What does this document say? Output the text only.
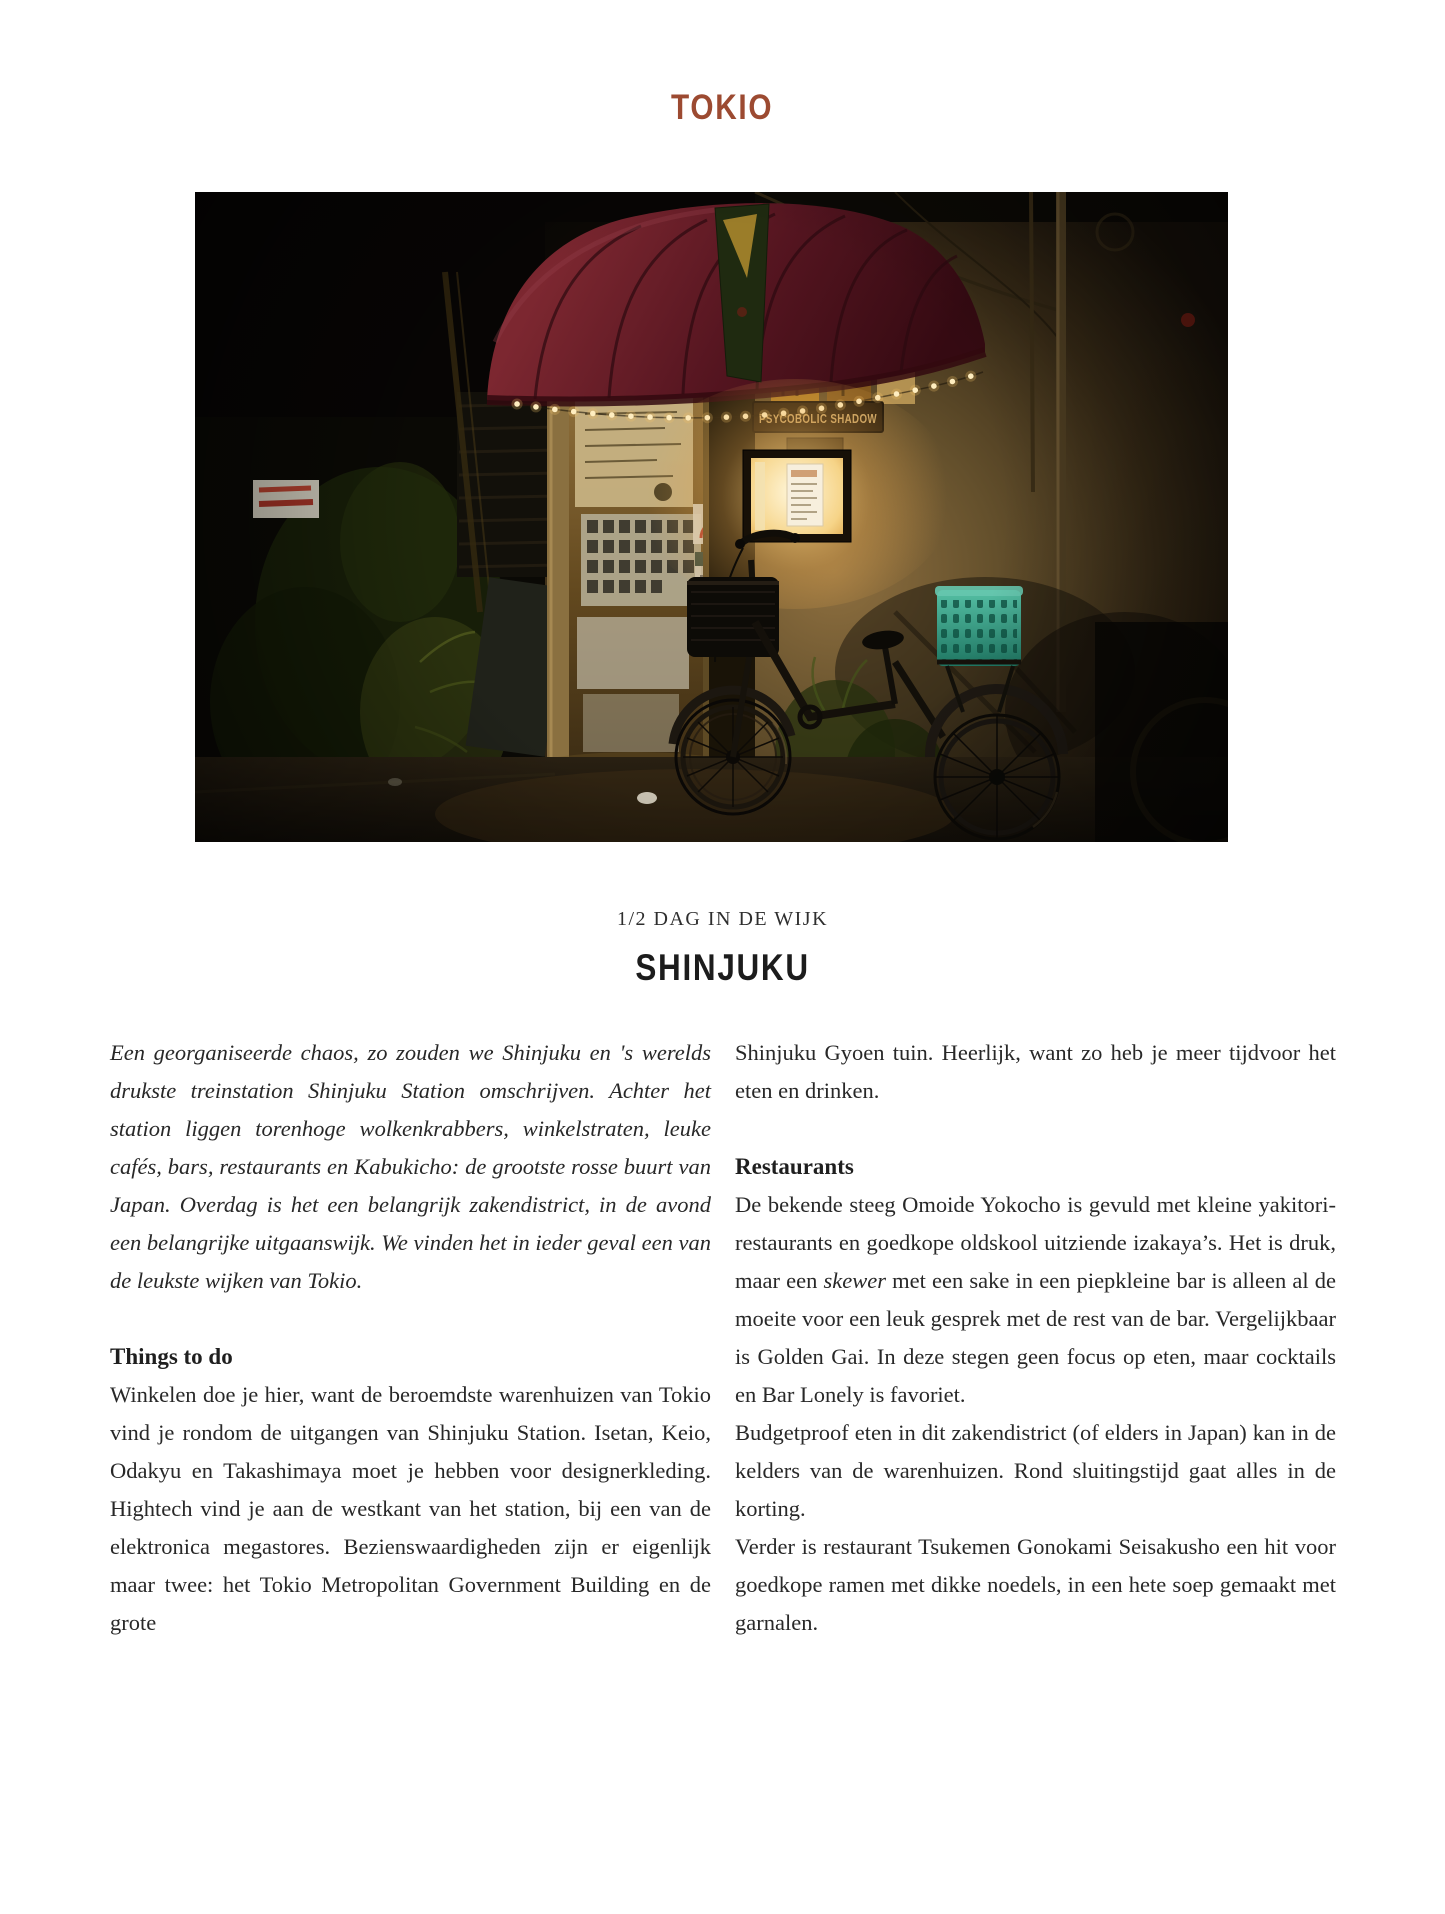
TOKIO
1/2 DAG IN DE WIJK
SHINJUKU

Een georganiseerde chaos, zo zouden we Shinjuku en 's werelds drukste treinstation Shinjuku Station omschrijven. Achter het station liggen torenhoge wolkenkrabbers, winkelstraten, leuke cafés, bars, restaurants en Kabukicho: de grootste rosse buurt van Japan. Overdag is het een belangrijk zakendistrict, in de avond een belangrijke uitgaanswijk. We vinden het in ieder geval een van de leukste wijken van Tokio.

Things to do

Winkelen doe je hier, want de beroemdste warenhuizen van Tokio vind je rondom de uitgangen van Shinjuku Station. Isetan, Keio, Odakyu en Takashimaya moet je hebben voor designerkleding. Hightech vind je aan de westkant van het station, bij een van de elektronica megastores. Bezienswaardigheden zijn er eigenlijk maar twee: het Tokio Metropolitan Government Building en de grote

Shinjuku Gyoen tuin. Heerlijk, want zo heb je meer tijdvoor het eten en drinken.

Restaurants

De bekende steeg Omoide Yokocho is gevuld met kleine yakitori-restaurants en goedkope oldskool uitziende izakaya’s. Het is druk, maar een skewer met een sake in een piepkleine bar is alleen al de moeite voor een leuk gesprek met de rest van de bar. Vergelijkbaar is Golden Gai. In deze stegen geen focus op eten, maar cocktails en Bar Lonely is favoriet.

Budgetproof eten in dit zakendistrict (of elders in Japan) kan in de kelders van de warenhuizen. Rond sluitingstijd gaat alles in de korting.

Verder is restaurant Tsukemen Gonokami Seisakusho een hit voor goedkope ramen met dikke noedels, in een hete soep gemaakt met garnalen.
